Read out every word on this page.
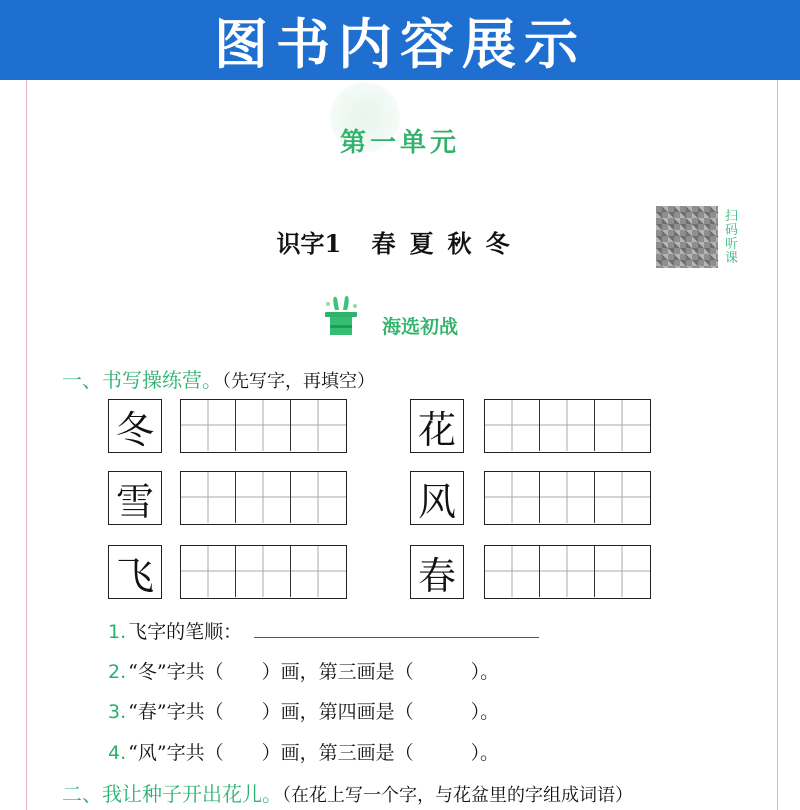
图书内容展示
第一单元
识字1 春夏秋冬
扫码听课
海选初战
一、书写操练营。（先写字，再填空）
冬	花
雪	风
飞	春
1. 飞字的笔顺：
2. “冬”字共（　　）画，第三画是（　　　）。
3. “春”字共（　　）画，第四画是（　　　）。
4. “风”字共（　　）画，第三画是（　　　）。
二、我让种子开出花儿。（在花上写一个字，与花盆里的字组成词语）
